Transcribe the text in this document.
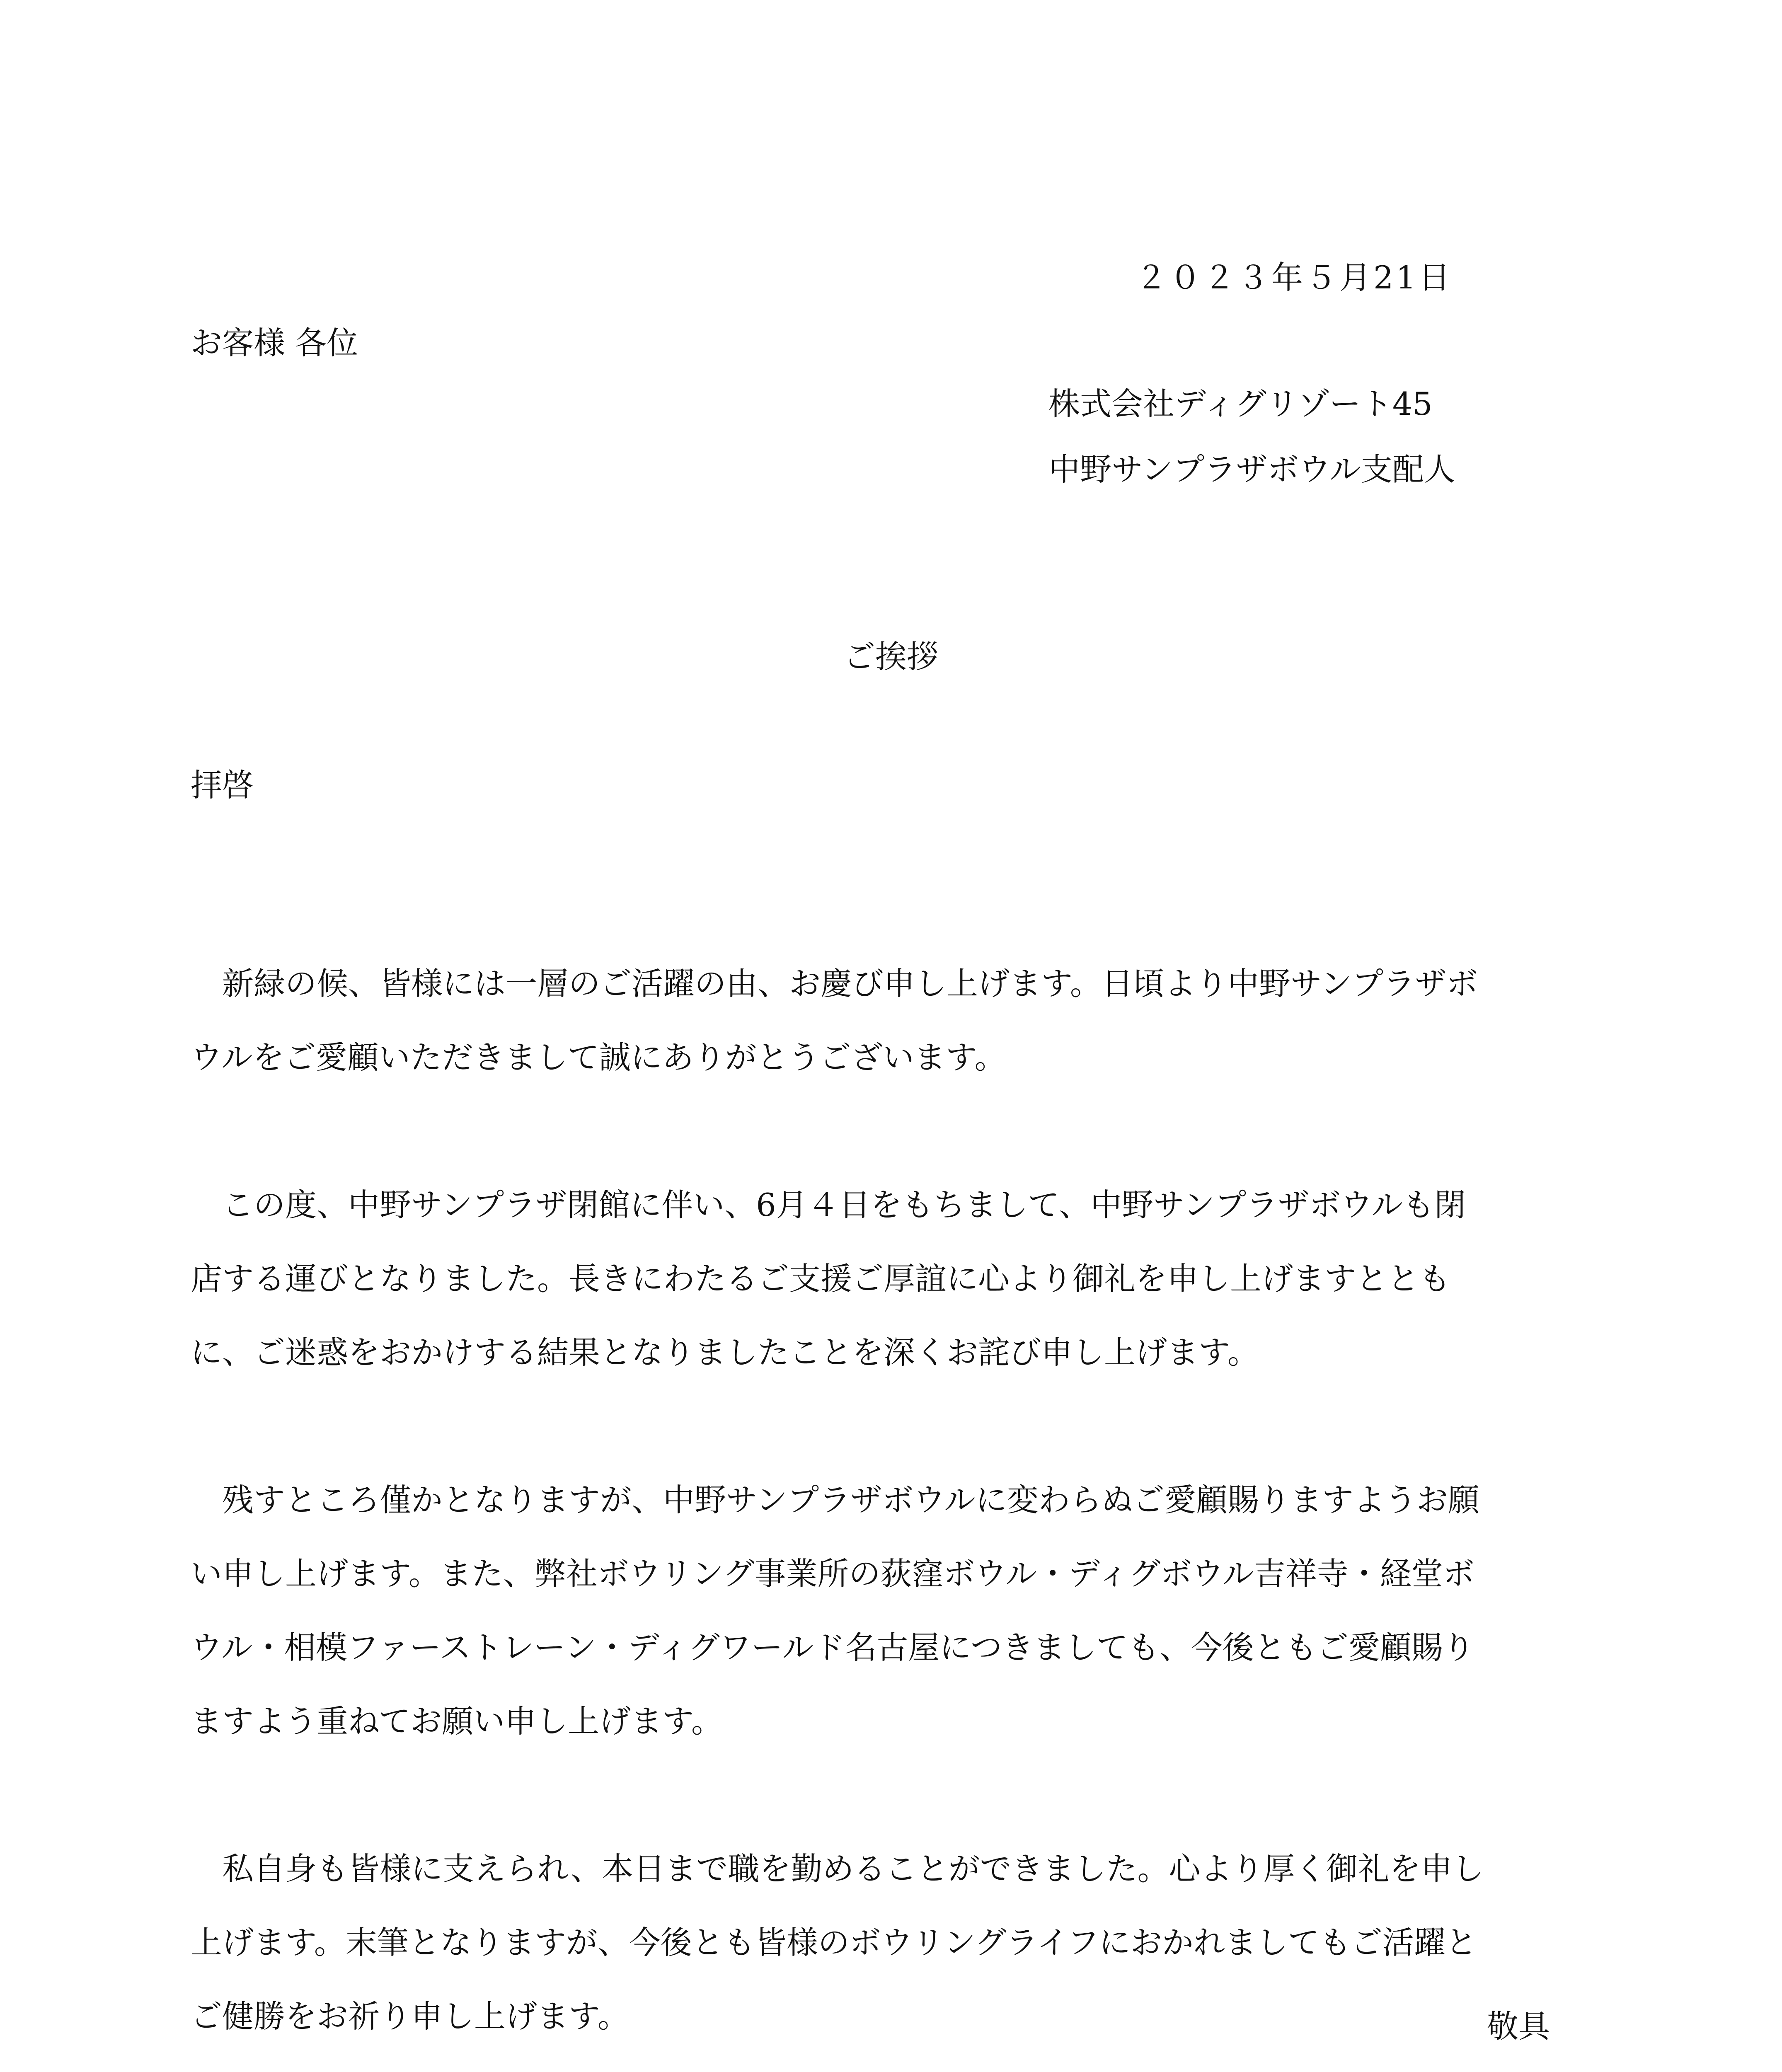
２０２３年５月21日

お客様 各位

株式会社ディグリゾート45

中野サンプラザボウル支配人

ご挨拶

拝啓

　新緑の候、皆様には一層のご活躍の由、お慶び申し上げます。日頃より中野サンプラザボ
ウルをご愛顧いただきまして誠にありがとうございます。
　この度、中野サンプラザ閉館に伴い、6月４日をもちまして、中野サンプラザボウルも閉
店する運びとなりました。長きにわたるご支援ご厚誼に心より御礼を申し上げますととも
に、ご迷惑をおかけする結果となりましたことを深くお詫び申し上げます。
　残すところ僅かとなりますが、中野サンプラザボウルに変わらぬご愛顧賜りますようお願
い申し上げます。また、弊社ボウリング事業所の荻窪ボウル・ディグボウル吉祥寺・経堂ボ
ウル・相模ファーストレーン・ディグワールド名古屋につきましても、今後ともご愛顧賜り
ますよう重ねてお願い申し上げます。
　私自身も皆様に支えられ、本日まで職を勤めることができました。心より厚く御礼を申し
上げます。末筆となりますが、今後とも皆様のボウリングライフにおかれましてもご活躍と
ご健勝をお祈り申し上げます。	敬具
